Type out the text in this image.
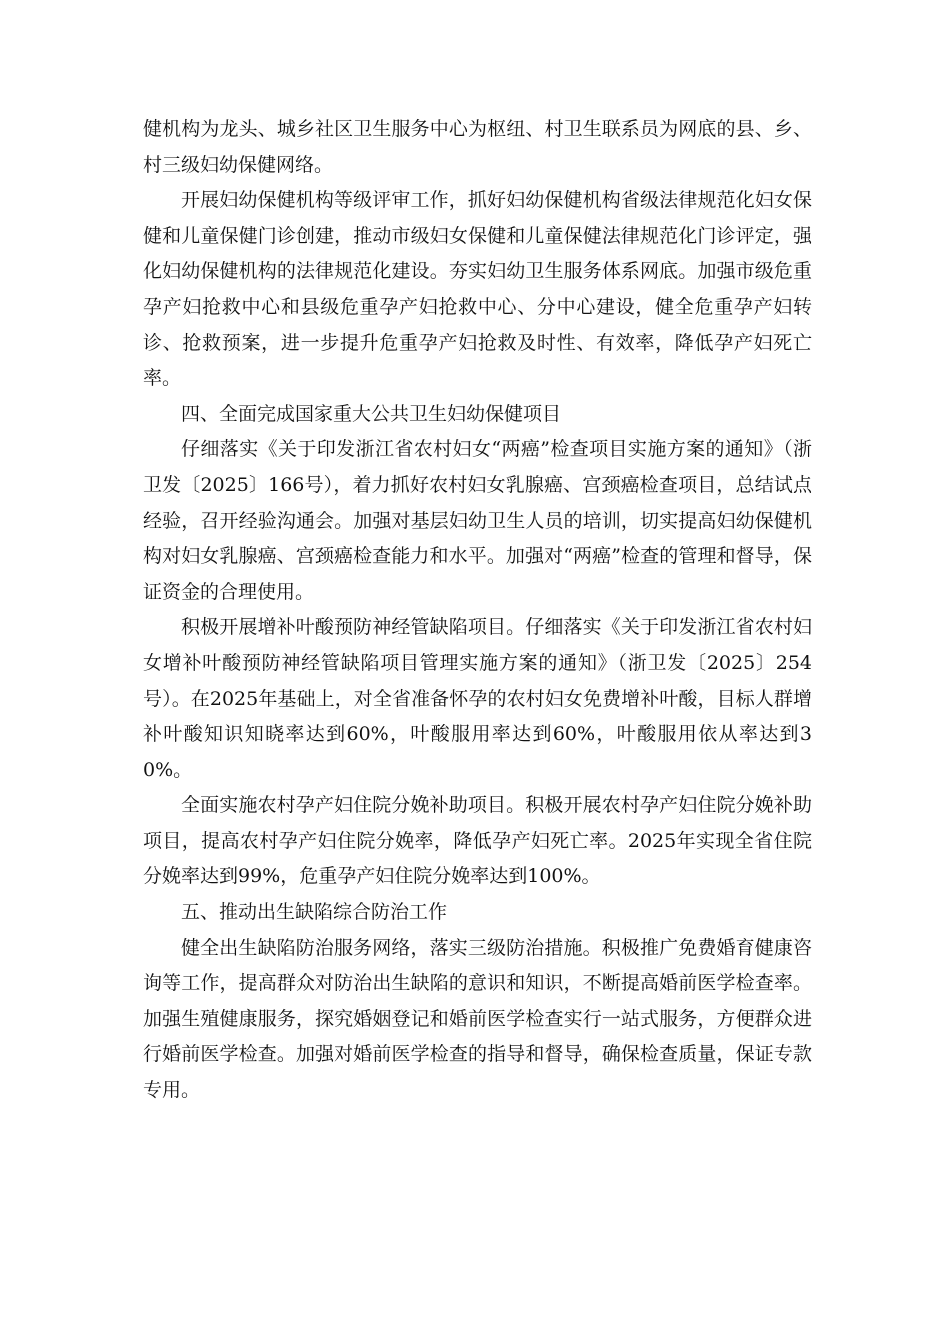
健机构为龙头、城乡社区卫生服务中心为枢纽、村卫生联系员为网底的县、乡、村三级妇幼保健网络。

开展妇幼保健机构等级评审工作，抓好妇幼保健机构省级法律规范化妇女保健和儿童保健门诊创建，推动市级妇女保健和儿童保健法律规范化门诊评定，强化妇幼保健机构的法律规范化建设。夯实妇幼卫生服务体系网底。加强市级危重孕产妇抢救中心和县级危重孕产妇抢救中心、分中心建设，健全危重孕产妇转诊、抢救预案，进一步提升危重孕产妇抢救及时性、有效率，降低孕产妇死亡率。

四、全面完成国家重大公共卫生妇幼保健项目

仔细落实《关于印发浙江省农村妇女“两癌”检查项目实施方案的通知》（浙卫发〔2025〕166号），着力抓好农村妇女乳腺癌、宫颈癌检查项目，总结试点经验，召开经验沟通会。加强对基层妇幼卫生人员的培训，切实提高妇幼保健机构对妇女乳腺癌、宫颈癌检查能力和水平。加强对“两癌”检查的管理和督导，保证资金的合理使用。

积极开展增补叶酸预防神经管缺陷项目。仔细落实《关于印发浙江省农村妇女增补叶酸预防神经管缺陷项目管理实施方案的通知》（浙卫发〔2025〕254号）。在2025年基础上，对全省准备怀孕的农村妇女免费增补叶酸，目标人群增补叶酸知识知晓率达到60%，叶酸服用率达到60%，叶酸服用依从率达到30%。

全面实施农村孕产妇住院分娩补助项目。积极开展农村孕产妇住院分娩补助项目，提高农村孕产妇住院分娩率，降低孕产妇死亡率。2025年实现全省住院分娩率达到99%，危重孕产妇住院分娩率达到100%。

五、推动出生缺陷综合防治工作

健全出生缺陷防治服务网络，落实三级防治措施。积极推广免费婚育健康咨询等工作，提高群众对防治出生缺陷的意识和知识，不断提高婚前医学检查率。加强生殖健康服务，探究婚姻登记和婚前医学检查实行一站式服务，方便群众进行婚前医学检查。加强对婚前医学检查的指导和督导，确保检查质量，保证专款专用。
